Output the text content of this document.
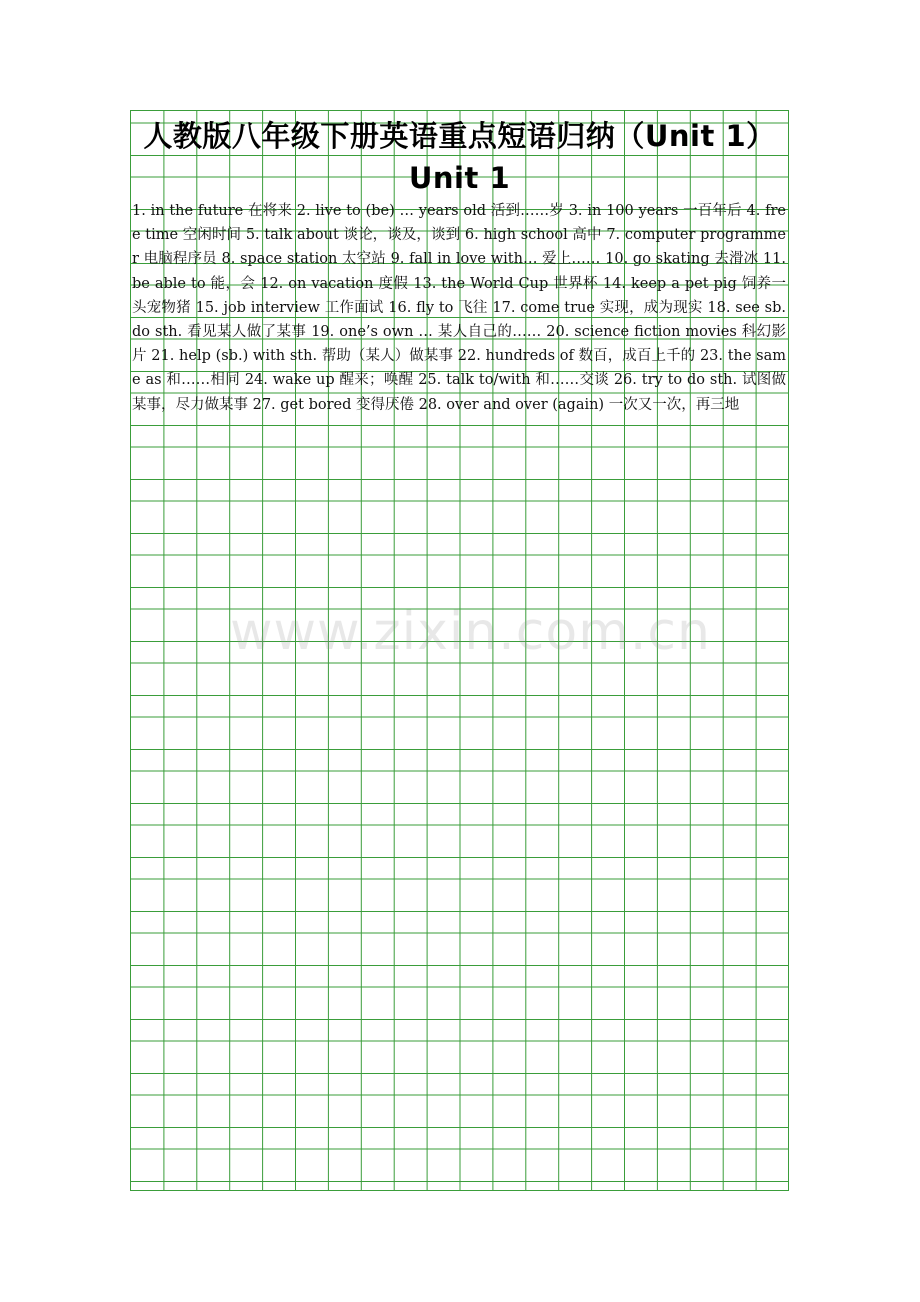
人教版八年级下册英语重点短语归纳（Unit 1） Unit 1

1. in the future 在将来 2. live to (be) … years old 活到……岁 3. in 100 years 一百年后 4. free time 空闲时间 5. talk about 谈论，谈及，谈到 6. high school 高中 7. computer programmer 电脑程序员 8. space station 太空站 9. fall in love with… 爱上…… 10. go skating 去滑冰 11. be able to 能，会 12. on vacation 度假 13. the World Cup 世界杯 14. keep a pet pig 饲养一头宠物猪 15. job interview 工作面试 16. fly to 飞往 17. come true 实现，成为现实 18. see sb. do sth. 看见某人做了某事 19. one’s own … 某人自己的…… 20. science fiction movies 科幻影片 21. help (sb.) with sth. 帮助（某人）做某事 22. hundreds of 数百，成百上千的 23. the same as 和……相同 24. wake up 醒来；唤醒 25. talk to/with 和……交谈 26. try to do sth. 试图做某事，尽力做某事 27. get bored 变得厌倦 28. over and over (again) 一次又一次，再三地

www.zixin.com.cn
